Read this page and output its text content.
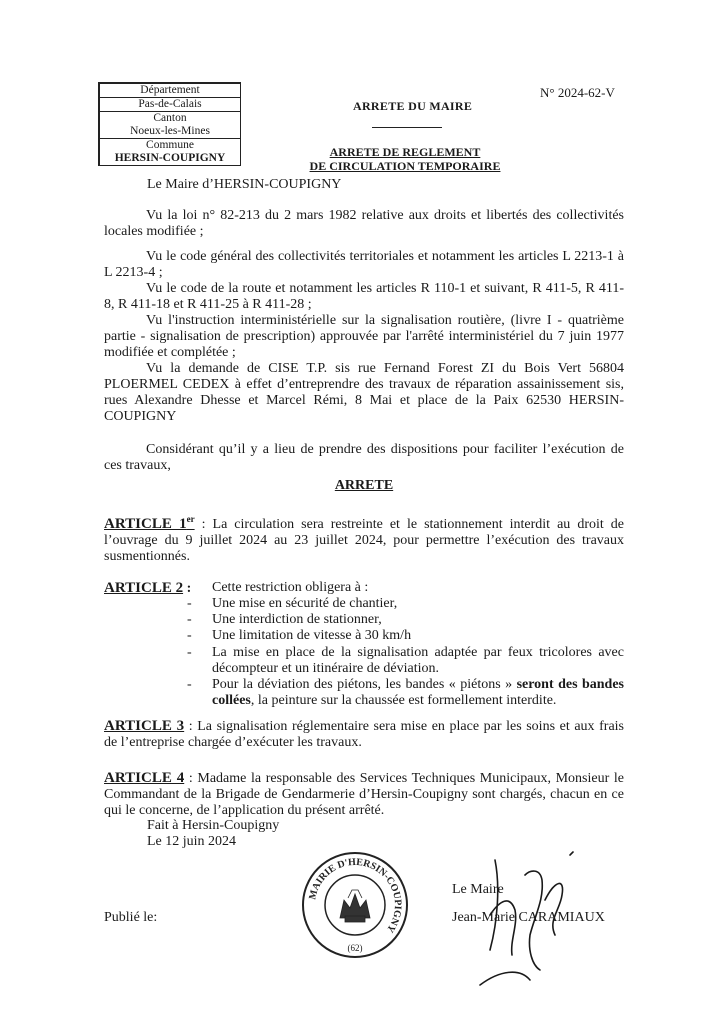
Département
Pas-de-Calais
Canton
Noeux-les-Mines
Commune
HERSIN-COUPIGNY
N° 2024-62-V
ARRETE DU MAIRE
ARRETE DE REGLEMENT
DE CIRCULATION TEMPORAIRE
Le Maire d’HERSIN-COUPIGNY
Vu la loi n° 82-213 du 2 mars 1982 relative aux droits et libertés des collectivités locales modifiée ;
Vu le code général des collectivités territoriales et notamment les articles L 2213-1 à L 2213-4 ;
Vu le code de la route et notamment les articles R 110-1 et suivant, R 411-5, R 411-8, R 411-18 et R 411-25 à R 411-28 ;
Vu l'instruction interministérielle sur la signalisation routière, (livre I - quatrième partie - signalisation de prescription) approuvée par l'arrêté interministériel du 7 juin 1977 modifiée et complétée ;
Vu la demande de CISE T.P. sis rue Fernand Forest ZI du Bois Vert 56804 PLOERMEL CEDEX à effet d’entreprendre des travaux de réparation assainissement sis, rues Alexandre Dhesse et Marcel Rémi, 8 Mai et place de la Paix 62530 HERSIN-COUPIGNY
Considérant qu’il y a lieu de prendre des dispositions pour faciliter l’exécution de ces travaux,
ARRETE
ARTICLE 1er : La circulation sera restreinte et le stationnement interdit au droit de l’ouvrage du 9 juillet 2024 au 23 juillet 2024, pour permettre l’exécution des travaux susmentionnés.
ARTICLE 2 : Cette restriction obligera à :
- Une mise en sécurité de chantier,
- Une interdiction de stationner,
- Une limitation de vitesse à 30 km/h
- La mise en place de la signalisation adaptée par feux tricolores avec décompteur et un itinéraire de déviation.
- Pour la déviation des piétons, les bandes « piétons » seront des bandes collées, la peinture sur la chaussée est formellement interdite.
ARTICLE 3 : La signalisation réglementaire sera mise en place par les soins et aux frais de l’entreprise chargée d’exécuter les travaux.
ARTICLE 4 : Madame la responsable des Services Techniques Municipaux, Monsieur le Commandant de la Brigade de Gendarmerie d’Hersin-Coupigny sont chargés, chacun en ce qui le concerne, de l’application du présent arrêté.
Fait à Hersin-Coupigny
Le 12 juin 2024
Publié le:
MAIRIE D'HERSIN-COUPIGNY
(62)
Le Maire
Jean-Marie CARAMIAUX
